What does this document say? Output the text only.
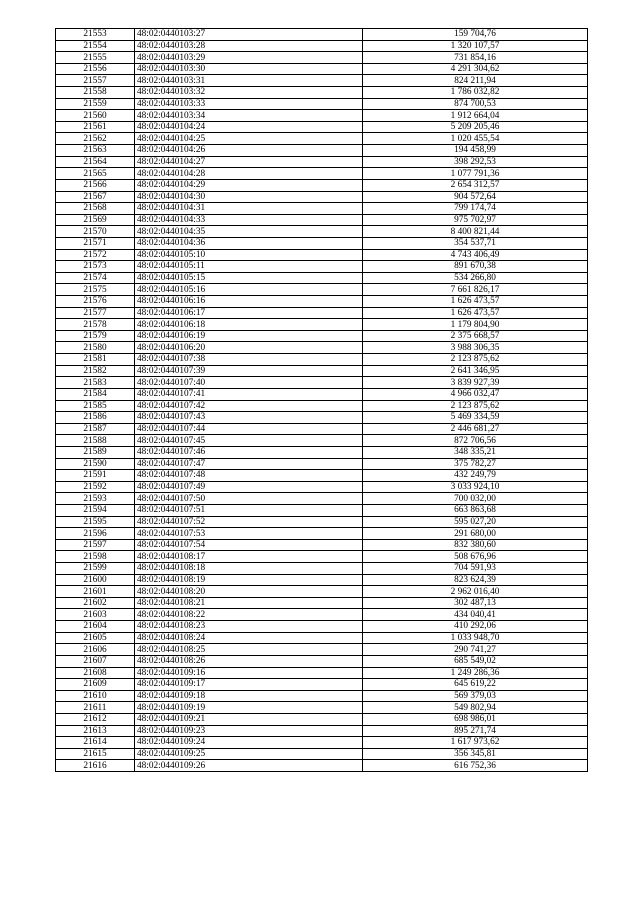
21553	48:02:0440103:27	159 704,76
21554	48:02:0440103:28	1 320 107,57
21555	48:02:0440103:29	731 854,16
21556	48:02:0440103:30	4 291 304,62
21557	48:02:0440103:31	824 211,94
21558	48:02:0440103:32	1 786 032,82
21559	48:02:0440103:33	874 700,53
21560	48:02:0440103:34	1 912 664,04
21561	48:02:0440104:24	5 209 205,46
21562	48:02:0440104:25	1 020 455,54
21563	48:02:0440104:26	194 458,99
21564	48:02:0440104:27	398 292,53
21565	48:02:0440104:28	1 077 791,36
21566	48:02:0440104:29	2 654 312,57
21567	48:02:0440104:30	904 572,64
21568	48:02:0440104:31	799 174,74
21569	48:02:0440104:33	975 702,97
21570	48:02:0440104:35	8 400 821,44
21571	48:02:0440104:36	354 537,71
21572	48:02:0440105:10	4 743 406,49
21573	48:02:0440105:11	891 670,38
21574	48:02:0440105:15	534 266,80
21575	48:02:0440105:16	7 661 826,17
21576	48:02:0440106:16	1 626 473,57
21577	48:02:0440106:17	1 626 473,57
21578	48:02:0440106:18	1 179 804,90
21579	48:02:0440106:19	2 375 668,57
21580	48:02:0440106:20	3 988 306,35
21581	48:02:0440107:38	2 123 875,62
21582	48:02:0440107:39	2 641 346,95
21583	48:02:0440107:40	3 839 927,39
21584	48:02:0440107:41	4 966 032,47
21585	48:02:0440107:42	2 123 875,62
21586	48:02:0440107:43	5 469 334,59
21587	48:02:0440107:44	2 446 681,27
21588	48:02:0440107:45	872 706,56
21589	48:02:0440107:46	348 335,21
21590	48:02:0440107:47	375 782,27
21591	48:02:0440107:48	432 249,79
21592	48:02:0440107:49	3 033 924,10
21593	48:02:0440107:50	700 032,00
21594	48:02:0440107:51	663 863,68
21595	48:02:0440107:52	595 027,20
21596	48:02:0440107:53	291 680,00
21597	48:02:0440107:54	832 380,60
21598	48:02:0440108:17	508 676,96
21599	48:02:0440108:18	704 591,93
21600	48:02:0440108:19	823 624,39
21601	48:02:0440108:20	2 962 016,40
21602	48:02:0440108:21	302 487,13
21603	48:02:0440108:22	434 040,41
21604	48:02:0440108:23	410 292,06
21605	48:02:0440108:24	1 033 948,70
21606	48:02:0440108:25	290 741,27
21607	48:02:0440108:26	685 549,02
21608	48:02:0440109:16	1 249 286,36
21609	48:02:0440109:17	645 619,22
21610	48:02:0440109:18	569 379,03
21611	48:02:0440109:19	549 802,94
21612	48:02:0440109:21	698 986,01
21613	48:02:0440109:23	895 271,74
21614	48:02:0440109:24	1 617 973,62
21615	48:02:0440109:25	356 345,81
21616	48:02:0440109:26	616 752,36
